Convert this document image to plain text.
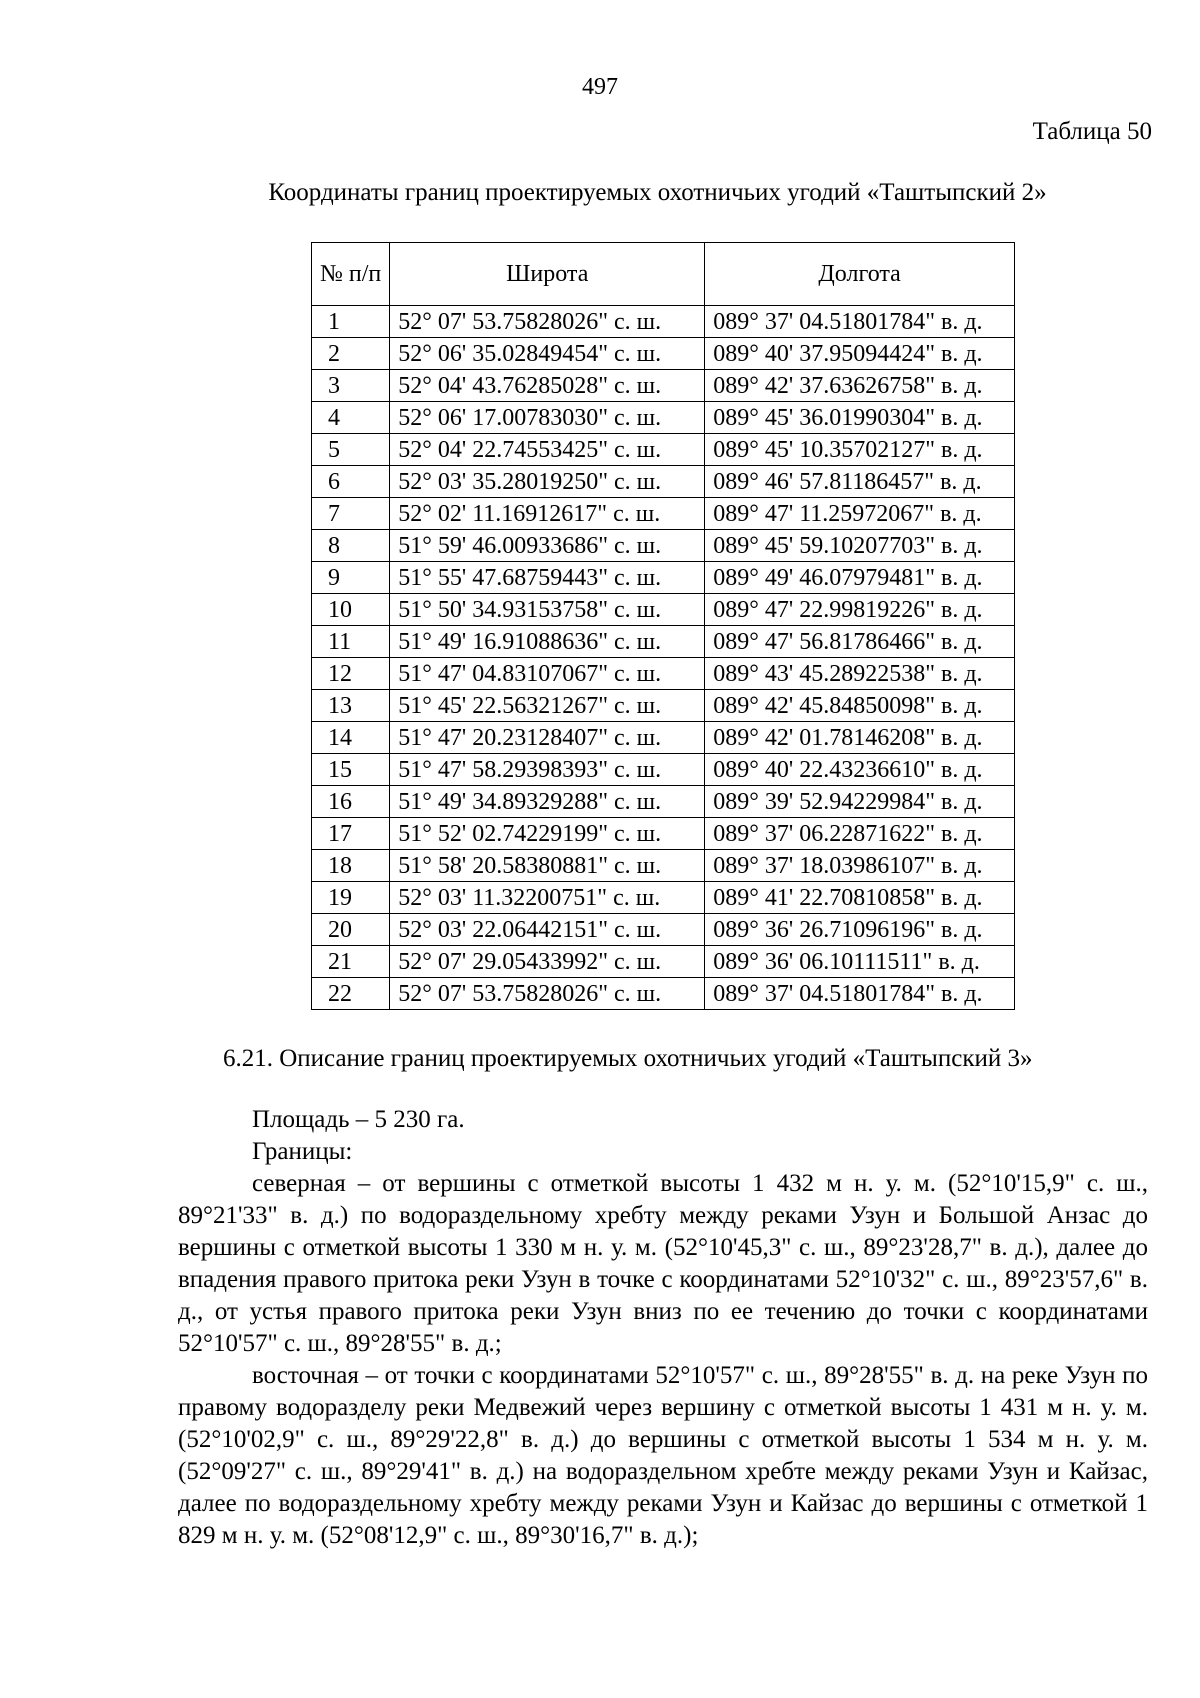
497
Таблица 50
Координаты границ проектируемых охотничьих угодий «Таштыпский 2»
№ п/п	Широта	Долгота
1	52° 07' 53.75828026" с. ш.	089° 37' 04.51801784" в. д.
2	52° 06' 35.02849454" с. ш.	089° 40' 37.95094424" в. д.
3	52° 04' 43.76285028" с. ш.	089° 42' 37.63626758" в. д.
4	52° 06' 17.00783030" с. ш.	089° 45' 36.01990304" в. д.
5	52° 04' 22.74553425" с. ш.	089° 45' 10.35702127" в. д.
6	52° 03' 35.28019250" с. ш.	089° 46' 57.81186457" в. д.
7	52° 02' 11.16912617" с. ш.	089° 47' 11.25972067" в. д.
8	51° 59' 46.00933686" с. ш.	089° 45' 59.10207703" в. д.
9	51° 55' 47.68759443" с. ш.	089° 49' 46.07979481" в. д.
10	51° 50' 34.93153758" с. ш.	089° 47' 22.99819226" в. д.
11	51° 49' 16.91088636" с. ш.	089° 47' 56.81786466" в. д.
12	51° 47' 04.83107067" с. ш.	089° 43' 45.28922538" в. д.
13	51° 45' 22.56321267" с. ш.	089° 42' 45.84850098" в. д.
14	51° 47' 20.23128407" с. ш.	089° 42' 01.78146208" в. д.
15	51° 47' 58.29398393" с. ш.	089° 40' 22.43236610" в. д.
16	51° 49' 34.89329288" с. ш.	089° 39' 52.94229984" в. д.
17	51° 52' 02.74229199" с. ш.	089° 37' 06.22871622" в. д.
18	51° 58' 20.58380881" с. ш.	089° 37' 18.03986107" в. д.
19	52° 03' 11.32200751" с. ш.	089° 41' 22.70810858" в. д.
20	52° 03' 22.06442151" с. ш.	089° 36' 26.71096196" в. д.
21	52° 07' 29.05433992" с. ш.	089° 36' 06.10111511" в. д.
22	52° 07' 53.75828026" с. ш.	089° 37' 04.51801784" в. д.
6.21. Описание границ проектируемых охотничьих угодий «Таштыпский 3»

Площадь – 5 230 га.

Границы:

северная – от вершины с отметкой высоты 1 432 м н. у. м. (52°10'15,9" с. ш., 89°21'33" в. д.) по водораздельному хребту между реками Узун и Большой Анзас до вершины с отметкой высоты 1 330 м н. у. м. (52°10'45,3" с. ш., 89°23'28,7" в. д.), далее до впадения правого притока реки Узун в точке с координатами 52°10'32" с. ш., 89°23'57,6" в. д., от устья правого притока реки Узун вниз по ее течению до точки с координатами 52°10'57" с. ш., 89°28'55" в. д.;

восточная – от точки с координатами 52°10'57" с. ш., 89°28'55" в. д. на реке Узун по правому водоразделу реки Медвежий через вершину с отметкой высоты 1 431 м н. у. м. (52°10'02,9" с. ш., 89°29'22,8" в. д.) до вершины с отметкой высоты 1 534 м н. у. м. (52°09'27" с. ш., 89°29'41" в. д.) на водораздельном хребте между реками Узун и Кайзас, далее по водораздельному хребту между реками Узун и Кайзас до вершины с отметкой 1 829 м н. у. м. (52°08'12,9" с. ш., 89°30'16,7" в. д.);
